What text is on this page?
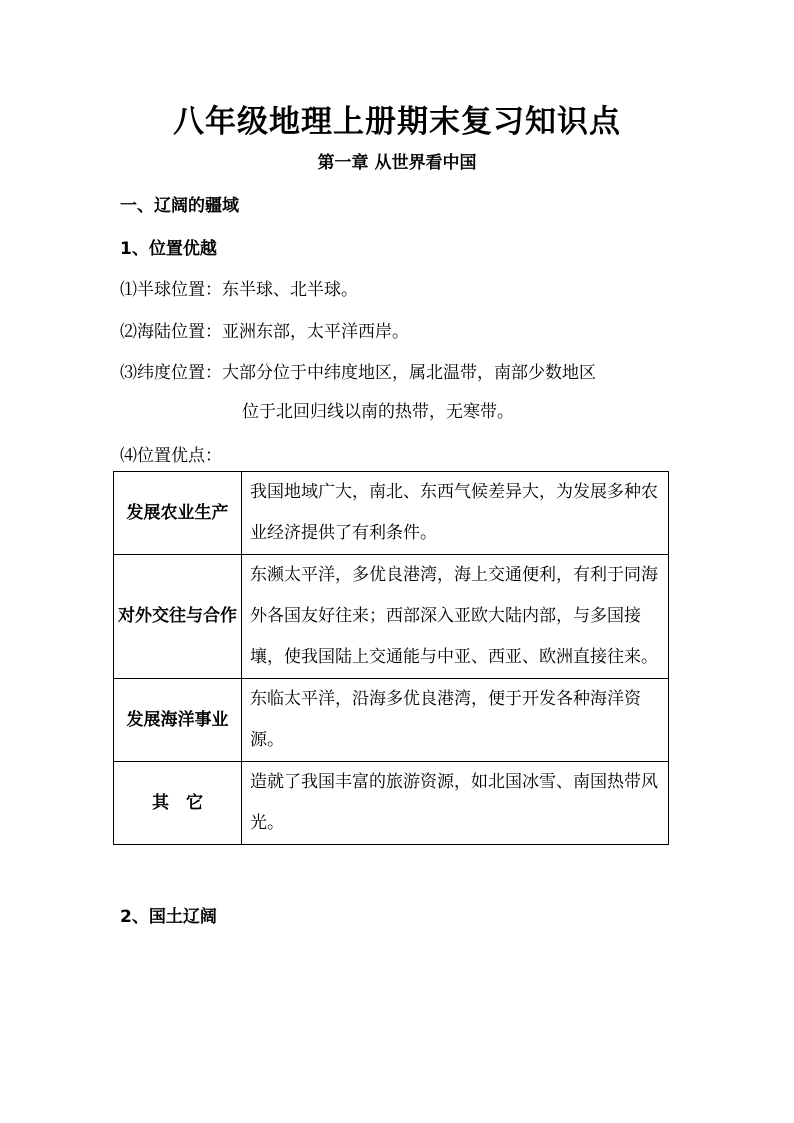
八年级地理上册期末复习知识点
第一章 从世界看中国
一、辽阔的疆域
1、位置优越
⑴半球位置：东半球、北半球。
⑵海陆位置：亚洲东部，太平洋西岸。
⑶纬度位置：大部分位于中纬度地区，属北温带，南部少数地区
位于北回归线以南的热带，无寒带。
⑷位置优点：
发展农业生产	我国地域广大，南北、东西气候差异大，为发展多种农业经济提供了有利条件。
对外交往与合作	东濒太平洋，多优良港湾，海上交通便利，有利于同海外各国友好往来；西部深入亚欧大陆内部，与多国接壤，使我国陆上交通能与中亚、西亚、欧洲直接往来。
发展海洋事业	东临太平洋，沿海多优良港湾，便于开发各种海洋资源。
其　它	造就了我国丰富的旅游资源，如北国冰雪、南国热带风光。
2、国土辽阔
